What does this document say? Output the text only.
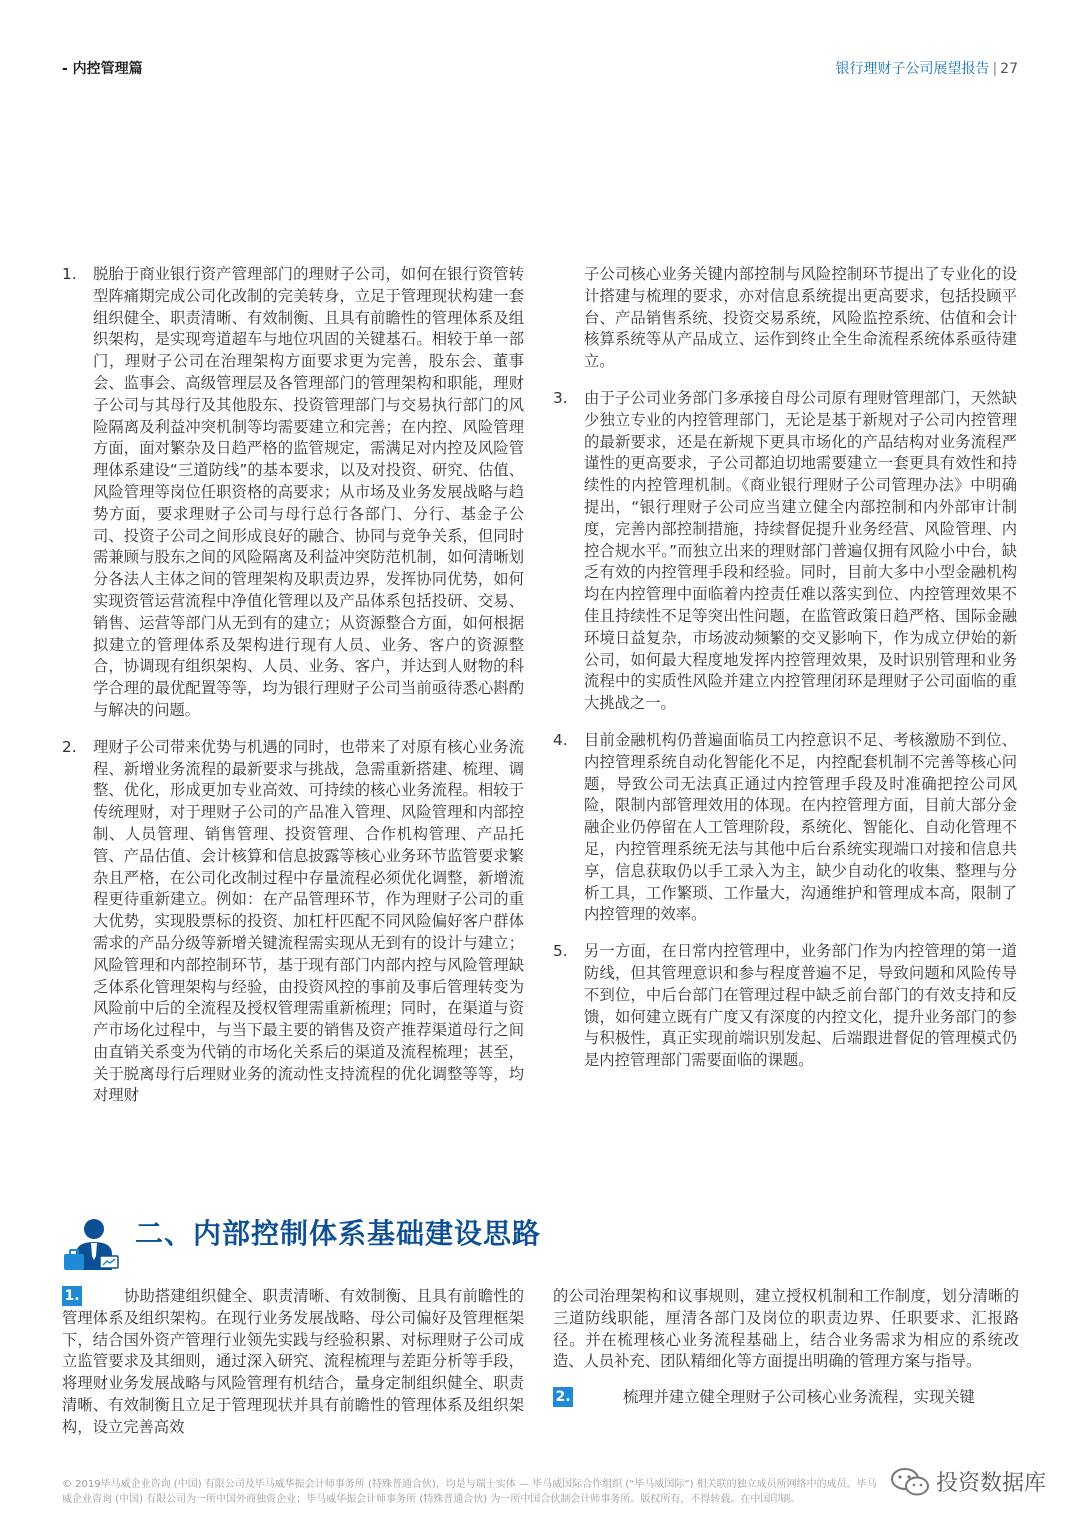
- 内控管理篇	银行理财子公司展望报告 | 27
1.	脱胎于商业银行资产管理部门的理财子公司，如何在银行资管转型阵痛期完成公司化改制的完美转身，立足于管理现状构建一套组织健全、职责清晰、有效制衡、且具有前瞻性的管理体系及组织架构，是实现弯道超车与地位巩固的关键基石。相较于单一部门，理财子公司在治理架构方面要求更为完善，股东会、董事会、监事会、高级管理层及各管理部门的管理架构和职能，理财子公司与其母行及其他股东、投资管理部门与交易执行部门的风险隔离及利益冲突机制等均需要建立和完善；在内控、风险管理方面，面对繁杂及日趋严格的监管规定，需满足对内控及风险管理体系建设“三道防线”的基本要求，以及对投资、研究、估值、风险管理等岗位任职资格的高要求；从市场及业务发展战略与趋势方面，要求理财子公司与母行总行各部门、分行、基金子公司、投资子公司之间形成良好的融合、协同与竞争关系，但同时需兼顾与股东之间的风险隔离及利益冲突防范机制，如何清晰划分各法人主体之间的管理架构及职责边界，发挥协同优势，如何实现资管运营流程中净值化管理以及产品体系包括投研、交易、销售、运营等部门从无到有的建立；从资源整合方面，如何根据拟建立的管理体系及架构进行现有人员、业务、客户的资源整合，协调现有组织架构、人员、业务、客户，并达到人财物的科学合理的最优配置等等，均为银行理财子公司当前亟待悉心斟酌与解决的问题。
2.	理财子公司带来优势与机遇的同时，也带来了对原有核心业务流程、新增业务流程的最新要求与挑战，急需重新搭建、梳理、调整、优化，形成更加专业高效、可持续的核心业务流程。相较于传统理财，对于理财子公司的产品准入管理、风险管理和内部控制、人员管理、销售管理、投资管理、合作机构管理、产品托管、产品估值、会计核算和信息披露等核心业务环节监管要求繁杂且严格，在公司化改制过程中存量流程必须优化调整，新增流程更待重新建立。例如：在产品管理环节，作为理财子公司的重大优势，实现股票标的投资、加杠杆匹配不同风险偏好客户群体需求的产品分级等新增关键流程需实现从无到有的设计与建立；风险管理和内部控制环节，基于现有部门内部内控与风险管理缺乏体系化管理架构与经验，由投资风控的事前及事后管理转变为风险前中后的全流程及授权管理需重新梳理；同时，在渠道与资产市场化过程中，与当下最主要的销售及资产推荐渠道母行之间由直销关系变为代销的市场化关系后的渠道及流程梳理；甚至，关于脱离母行后理财业务的流动性支持流程的优化调整等等，均对理财
子公司核心业务关键内部控制与风险控制环节提出了专业化的设计搭建与梳理的要求，亦对信息系统提出更高要求，包括投顾平台、产品销售系统、投资交易系统，风险监控系统、估值和会计核算系统等从产品成立、运作到终止全生命流程系统体系亟待建立。
3.	由于子公司业务部门多承接自母公司原有理财管理部门，天然缺少独立专业的内控管理部门，无论是基于新规对子公司内控管理的最新要求，还是在新规下更具市场化的产品结构对业务流程严谨性的更高要求，子公司都迫切地需要建立一套更具有效性和持续性的内控管理机制。《商业银行理财子公司管理办法》中明确提出，“银行理财子公司应当建立健全内部控制和内外部审计制度，完善内部控制措施，持续督促提升业务经营、风险管理、内控合规水平。”而独立出来的理财部门普遍仅拥有风险小中台，缺乏有效的内控管理手段和经验。同时，目前大多中小型金融机构均在内控管理中面临着内控责任难以落实到位、内控管理效果不佳且持续性不足等突出性问题，在监管政策日趋严格、国际金融环境日益复杂，市场波动频繁的交叉影响下，作为成立伊始的新公司，如何最大程度地发挥内控管理效果，及时识别管理和业务流程中的实质性风险并建立内控管理闭环是理财子公司面临的重大挑战之一。
4.	目前金融机构仍普遍面临员工内控意识不足、考核激励不到位、内控管理系统自动化智能化不足，内控配套机制不完善等核心问题，导致公司无法真正通过内控管理手段及时准确把控公司风险，限制内部管理效用的体现。在内控管理方面，目前大部分金融企业仍停留在人工管理阶段，系统化、智能化、自动化管理不足，内控管理系统无法与其他中后台系统实现端口对接和信息共享，信息获取仍以手工录入为主，缺少自动化的收集、整理与分析工具，工作繁琐、工作量大，沟通维护和管理成本高，限制了内控管理的效率。
5.	另一方面，在日常内控管理中，业务部门作为内控管理的第一道防线，但其管理意识和参与程度普遍不足，导致问题和风险传导不到位，中后台部门在管理过程中缺乏前台部门的有效支持和反馈，如何建立既有广度又有深度的内控文化，提升业务部门的参与积极性，真正实现前端识别发起、后端跟进督促的管理模式仍是内控管理部门需要面临的课题。
二、内部控制体系基础建设思路
1.	协助搭建组织健全、职责清晰、有效制衡、且具有前瞻性的管理体系及组织架构。在现行业务发展战略、母公司偏好及管理框架下，结合国外资产管理行业领先实践与经验积累、对标理财子公司成立监管要求及其细则，通过深入研究、流程梳理与差距分析等手段，将理财业务发展战略与风险管理有机结合，量身定制组织健全、职责清晰、有效制衡且立足于管理现状并具有前瞻性的管理体系及组织架构，设立完善高效
的公司治理架构和议事规则，建立授权机制和工作制度，划分清晰的三道防线职能，厘清各部门及岗位的职责边界、任职要求、汇报路径。并在梳理核心业务流程基础上，结合业务需求为相应的系统改造、人员补充、团队精细化等方面提出明确的管理方案与指导。
2.	梳理并建立健全理财子公司核心业务流程，实现关键
© 2019毕马威企业咨询 (中国) 有限公司及毕马威华振会计师事务所 (特殊普通合伙)，均是与瑞士实体 — 毕马威国际合作组织 (“毕马威国际”) 相关联的独立成员所网络中的成员。毕马威企业咨询 (中国) 有限公司为一所中国外商独资企业；毕马威华振会计师事务所 (特殊普通合伙) 为一所中国合伙制会计师事务所。版权所有，不得转载。在中国印刷。
投资数据库
